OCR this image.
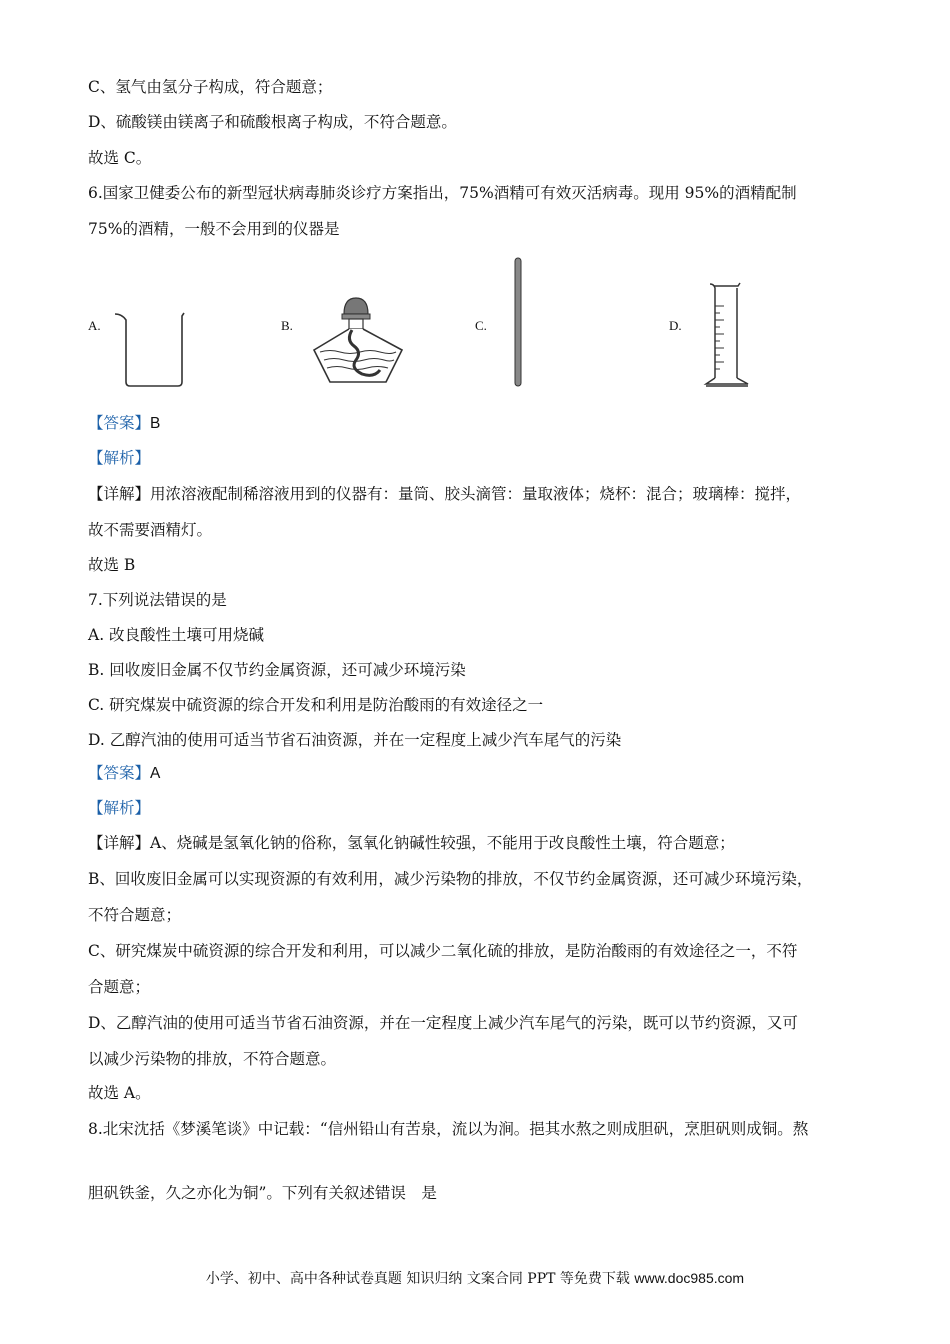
C、氢气由氢分子构成，符合题意；
D、硫酸镁由镁离子和硫酸根离子构成，不符合题意。
故选 C。
6.国家卫健委公布的新型冠状病毒肺炎诊疗方案指出，75%酒精可有效灭活病毒。现用 95%的酒精配制
75%的酒精，一般不会用到的仪器是
A.	B.	C.	D.
【答案】B
【解析】
【详解】用浓溶液配制稀溶液用到的仪器有：量筒、胶头滴管：量取液体；烧杯：混合；玻璃棒：搅拌，
故不需要酒精灯。
故选 B
7.下列说法错误的是
A. 改良酸性土壤可用烧碱
B. 回收废旧金属不仅节约金属资源，还可减少环境污染
C. 研究煤炭中硫资源的综合开发和利用是防治酸雨的有效途径之一
D. 乙醇汽油的使用可适当节省石油资源，并在一定程度上减少汽车尾气的污染
【答案】A
【解析】
【详解】A、烧碱是氢氧化钠的俗称，氢氧化钠碱性较强，不能用于改良酸性土壤，符合题意；
B、回收废旧金属可以实现资源的有效利用，减少污染物的排放，不仅节约金属资源，还可减少环境污染，
不符合题意；
C、研究煤炭中硫资源的综合开发和利用，可以减少二氧化硫的排放，是防治酸雨的有效途径之一，不符
合题意；
D、乙醇汽油的使用可适当节省石油资源，并在一定程度上减少汽车尾气的污染，既可以节约资源，又可
以减少污染物的排放，不符合题意。
故选 A。
8.北宋沈括《梦溪笔谈》中记载：“信州铅山有苦泉，流以为涧。挹其水熬之则成胆矾，烹胆矾则成铜。熬
胆矾铁釜，久之亦化为铜”。下列有关叙述错误　是
小学、初中、高中各种试卷真题 知识归纳 文案合同 PPT 等免费下载 www.doc985.com
